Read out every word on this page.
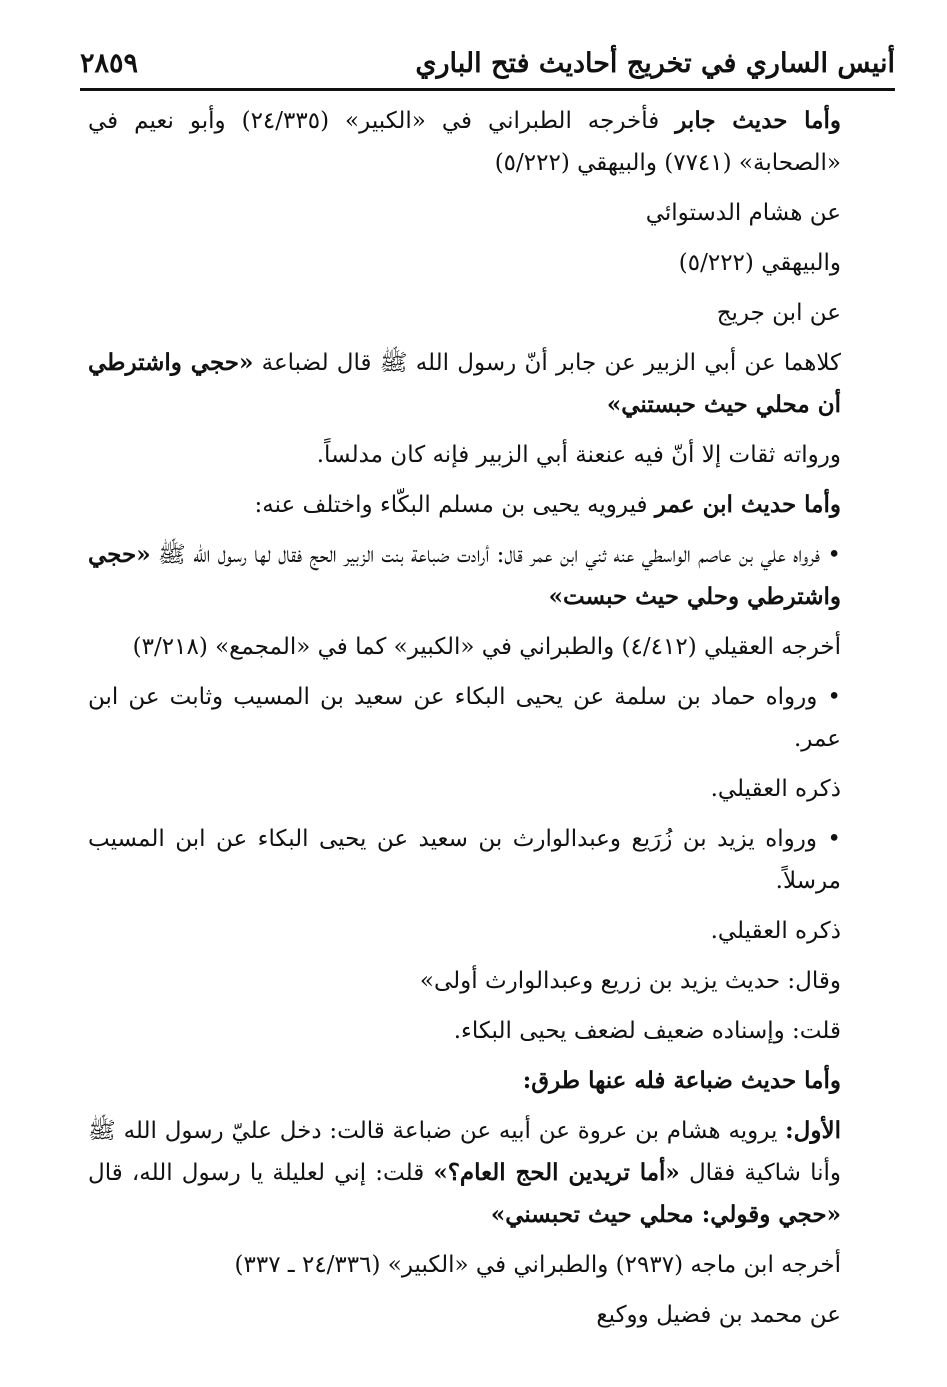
أنيس الساري في تخريج أحاديث فتح الباري
٢٨٥٩

وأما حديث جابر فأخرجه الطبراني في «الكبير» (٢٤/٣٣٥) وأبو نعيم في «الصحابة» (٧٧٤١) والبيهقي (٥/٢٢٢)

عن هشام الدستوائي

والبيهقي (٥/٢٢٢)

عن ابن جريج

كلاهما عن أبي الزبير عن جابر أنّ رسول الله ﷺ قال لضباعة «حجي واشترطي أن محلي حيث حبستني»

ورواته ثقات إلا أنّ فيه عنعنة أبي الزبير فإنه كان مدلساً.

وأما حديث ابن عمر فيرويه يحيى بن مسلم البكّاء واختلف عنه:

• فرواه علي بن عاصم الواسطي عنه ثني ابن عمر قال: أرادت ضباعة بنت الزبير الحج فقال لها رسول الله ﷺ «حجي واشترطي وحلي حيث حبست»

أخرجه العقيلي (٤/٤١٢) والطبراني في «الكبير» كما في «المجمع» (٣/٢١٨)

• ورواه حماد بن سلمة عن يحيى البكاء عن سعيد بن المسيب وثابت عن ابن عمر.

ذكره العقيلي.

• ورواه يزيد بن زُرَيع وعبدالوارث بن سعيد عن يحيى البكاء عن ابن المسيب مرسلاً.

ذكره العقيلي.

وقال: حديث يزيد بن زريع وعبدالوارث أولى»

قلت: وإسناده ضعيف لضعف يحيى البكاء.

وأما حديث ضباعة فله عنها طرق:

الأول: يرويه هشام بن عروة عن أبيه عن ضباعة قالت: دخل عليّ رسول الله ﷺ وأنا شاكية فقال «أما تريدين الحج العام؟» قلت: إني لعليلة يا رسول الله، قال «حجي وقولي: محلي حيث تحبسني»

أخرجه ابن ماجه (٢٩٣٧) والطبراني في «الكبير» (٢٤/٣٣٦ ـ ٣٣٧)

عن محمد بن فضيل ووكيع
